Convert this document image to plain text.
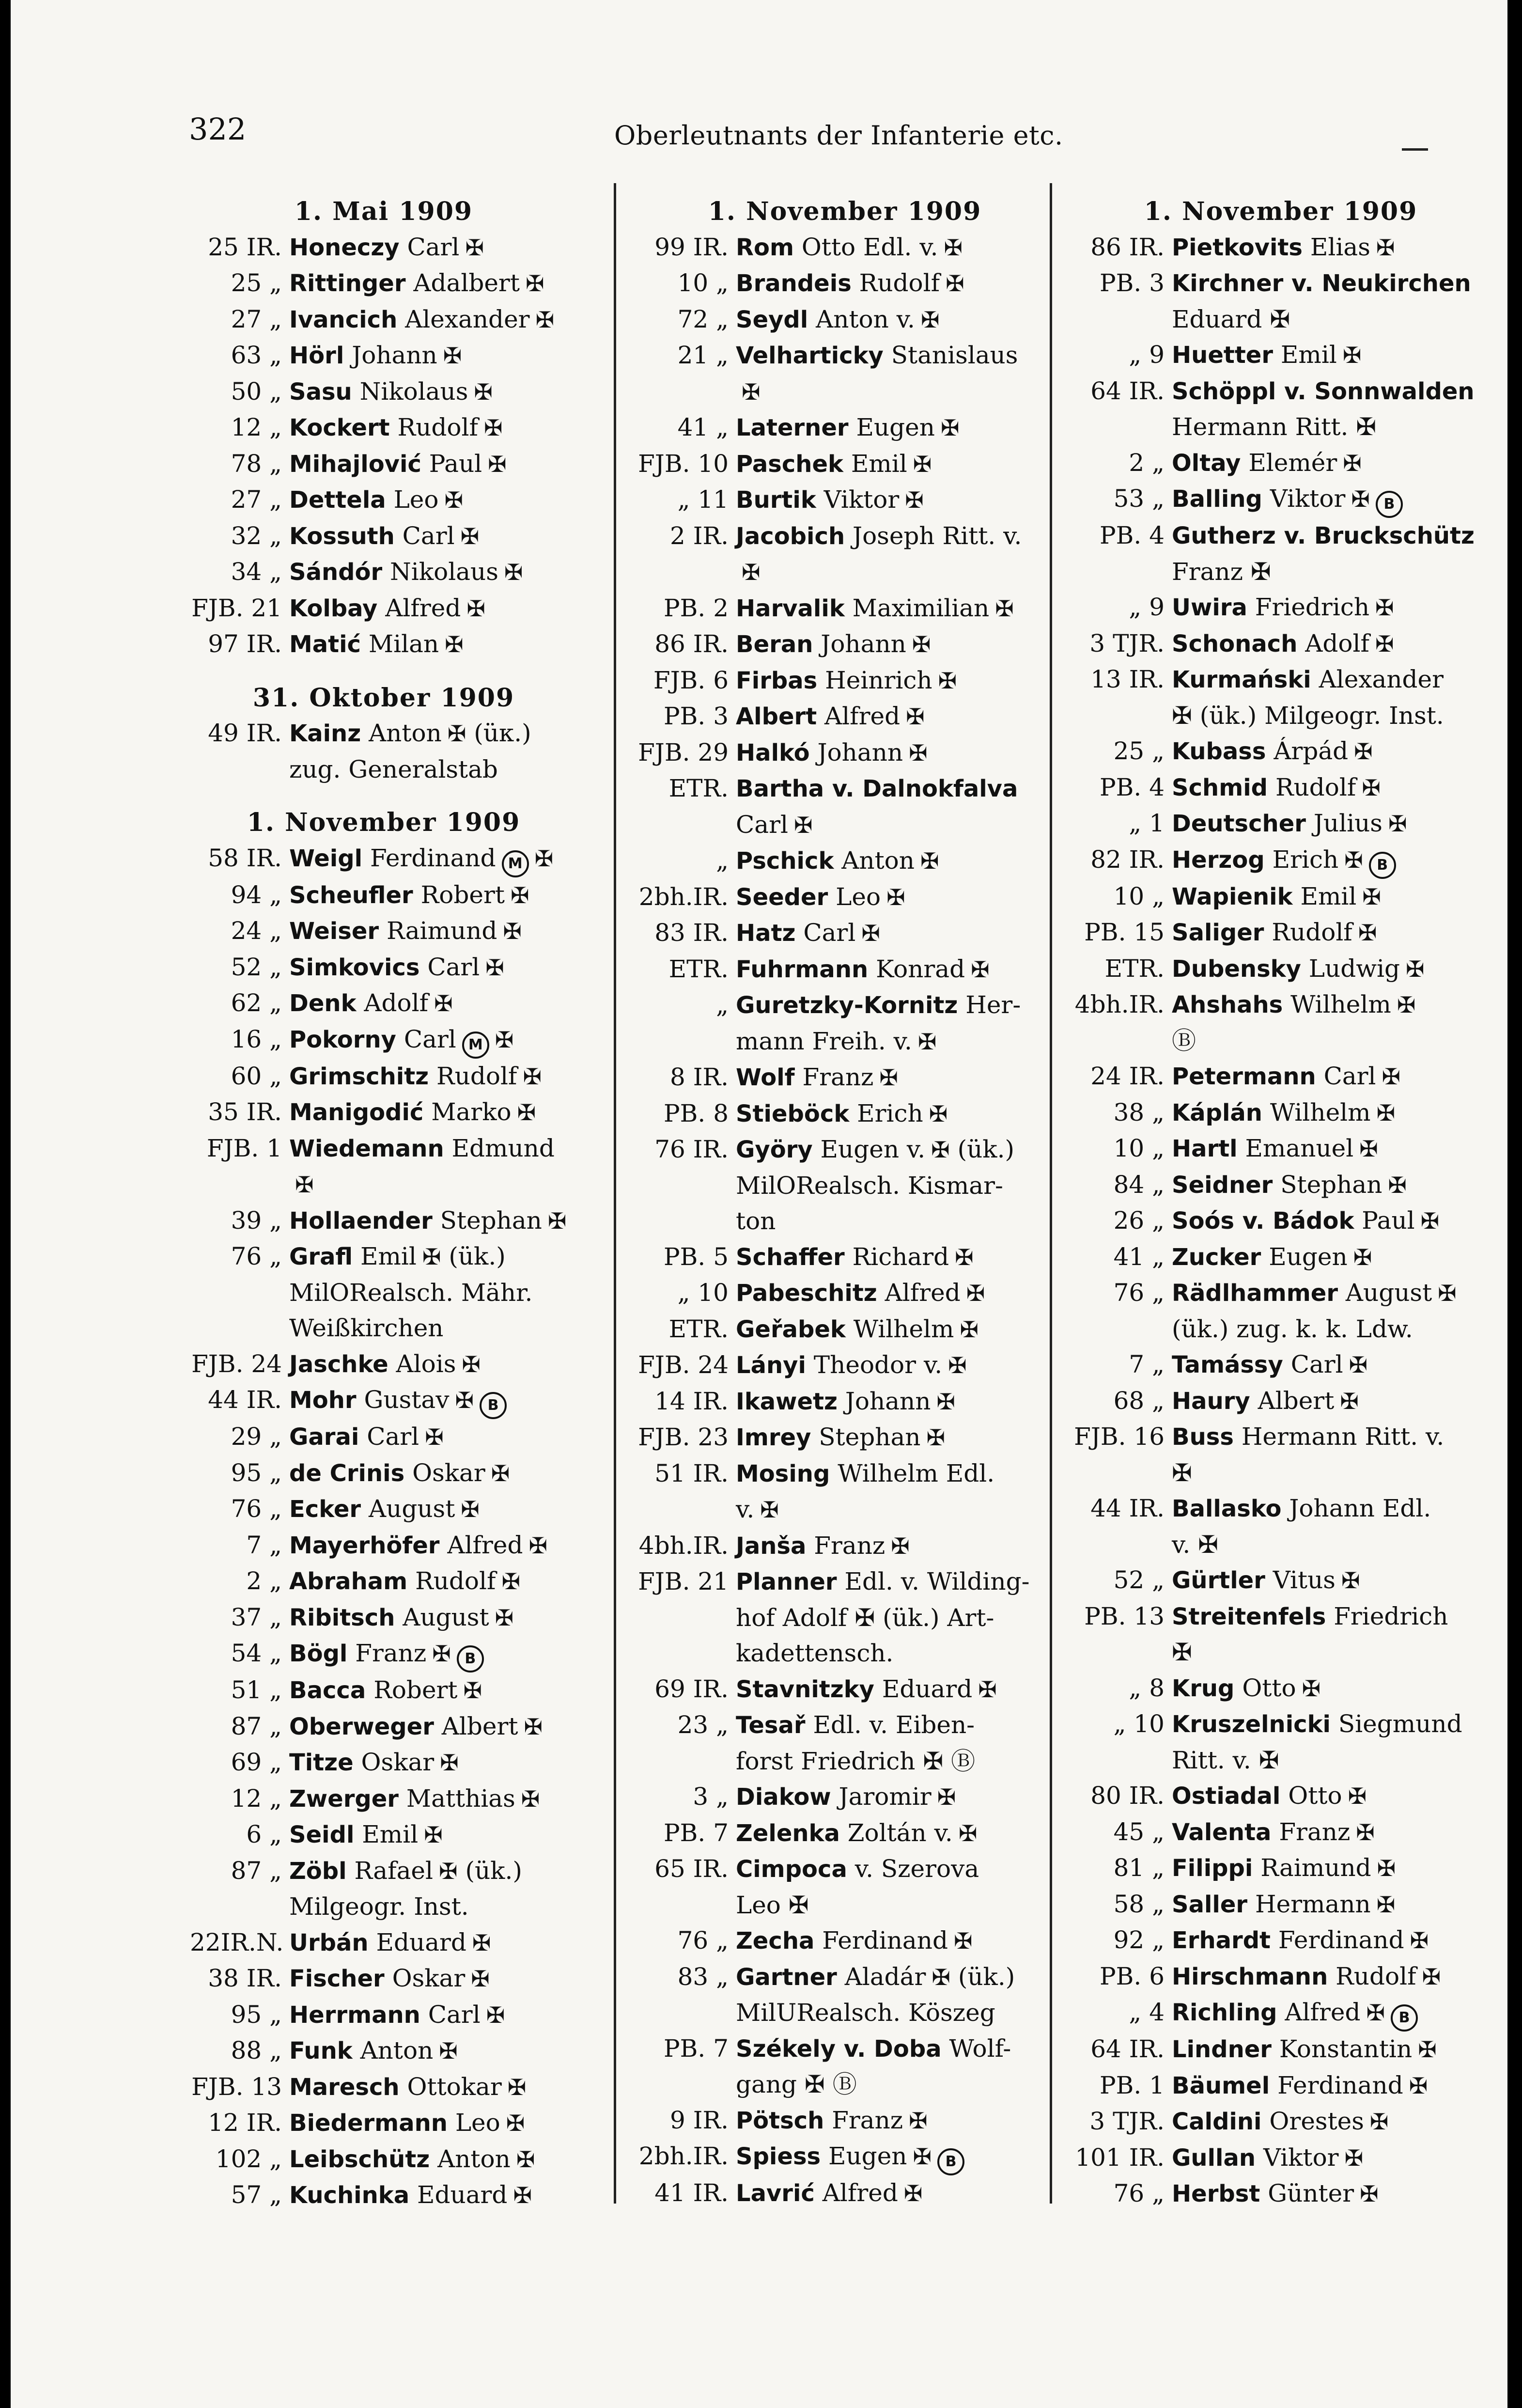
322	Oberleutnants der Infanterie etc.
1. Mai 1909
25 IR. Honeczy Carl ✠
25 „ Rittinger Adalbert ✠
27 „ Ivancich Alexander ✠
63 „ Hörl Johann ✠
50 „ Sasu Nikolaus ✠
12 „ Kockert Rudolf ✠
78 „ Mihajlović Paul ✠
27 „ Dettela Leo ✠
32 „ Kossuth Carl ✠
34 „ Sándór Nikolaus ✠
FJB. 21 Kolbay Alfred ✠
97 IR. Matić Milan ✠
31. Oktober 1909
49 IR. Kainz Anton ✠ (üк.)
zug. Generalstab
1. November 1909
58 IR. Weigl Ferdinand M ✠
94 „ Scheufler Robert ✠
24 „ Weiser Raimund ✠
52 „ Simkovics Carl ✠
62 „ Denk Adolf ✠
16 „ Pokorny Carl M ✠
60 „ Grimschitz Rudolf ✠
35 IR. Manigodić Marko ✠
FJB. 1 Wiedemann Edmund✠
39 „ Hollaender Stephan ✠
76 „ Grafl Emil ✠ (ük.)
MilORealsch. Mähr.
Weißkirchen
FJB. 24 Jaschke Alois ✠
44 IR. Mohr Gustav ✠ B
29 „ Garai Carl ✠
95 „ de Crinis Oskar ✠
76 „ Ecker August ✠
7 „ Mayerhöfer Alfred ✠
2 „ Abraham Rudolf ✠
37 „ Ribitsch August ✠
54 „ Bögl Franz ✠ B
51 „ Bacca Robert ✠
87 „ Oberweger Albert ✠
69 „ Titze Oskar ✠
12 „ Zwerger Matthias ✠
6 „ Seidl Emil ✠
87 „ Zöbl Rafael ✠ (ük.)
Milgeogr. Inst.
22IR.N. Urbán Eduard ✠
38 IR. Fischer Oskar ✠
95 „ Herrmann Carl ✠
88 „ Funk Anton ✠
FJB. 13 Maresch Ottokar ✠
12 IR. Biedermann Leo ✠
102 „ Leibschütz Anton ✠
57 „ Kuchinka Eduard ✠
1. November 1909
99 IR. Rom Otto Edl. v. ✠
10 „ Brandeis Rudolf ✠
72 „ Seydl Anton v. ✠
21 „ Velharticky Stanislaus
✠
41 „ Laterner Eugen ✠
FJB. 10 Paschek Emil ✠
„ 11 Burtik Viktor ✠
2 IR. Jacobich Joseph Ritt. v.
✠
PB. 2 Harvalik Maximilian ✠
86 IR. Beran Johann ✠
FJB. 6 Firbas Heinrich ✠
PB. 3 Albert Alfred ✠
FJB. 29 Halkó Johann ✠
ETR. Bartha v. Dalnokfalva
Carl ✠
„ Pschick Anton ✠
2bh.IR. Seeder Leo ✠
83 IR. Hatz Carl ✠
ETR. Fuhrmann Konrad ✠
„ Guretzky-Kornitz Her-
mann Freih. v. ✠
8 IR. Wolf Franz ✠
PB. 8 Stieböck Erich ✠
76 IR. Györy Eugen v. ✠ (ük.)
MilORealsch. Kismar-
ton
PB. 5 Schaffer Richard ✠
„ 10 Pabeschitz Alfred ✠
ETR. Geřabek Wilhelm ✠
FJB. 24 Lányi Theodor v. ✠
14 IR. Ikawetz Johann ✠
FJB. 23 Imrey Stephan ✠
51 IR. Mosing Wilhelm Edl.
v. ✠
4bh.IR. Janša Franz ✠
FJB. 21 Planner Edl. v. Wilding-
hof Adolf ✠ (ük.) Art-
kadettensch.
69 IR. Stavnitzky Eduard ✠
23 „ Tesař Edl. v. Eiben-
forst Friedrich ✠ Ⓑ
3 „ Diakow Jaromir ✠
PB. 7 Zelenka Zoltán v. ✠
65 IR. Cimpoca v. Szerova
Leo ✠
76 „ Zecha Ferdinand ✠
83 „ Gartner Aladár ✠ (ük.)
MilURealsch. Köszeg
PB. 7 Székely v. Doba Wolf-
gang ✠ Ⓑ
9 IR. Pötsch Franz ✠
2bh.IR. Spiess Eugen ✠ B
41 IR. Lavrić Alfred ✠
1. November 1909
86 IR. Pietkovits Elias ✠
PB. 3 Kirchner v. Neukirchen
Eduard ✠
„ 9 Huetter Emil ✠
64 IR. Schöppl v. Sonnwalden
Hermann Ritt. ✠
2 „ Oltay Elemér ✠
53 „ Balling Viktor ✠ B
PB. 4 Gutherz v. Bruckschütz
Franz ✠
„ 9 Uwira Friedrich ✠
3 TJR. Schonach Adolf ✠
13 IR. Kurmański Alexander
✠ (ük.) Milgeogr. Inst.
25 „ Kubass Árpád ✠
PB. 4 Schmid Rudolf ✠
„ 1 Deutscher Julius ✠
82 IR. Herzog Erich ✠ B
10 „ Wapienik Emil ✠
PB. 15 Saliger Rudolf ✠
ETR. Dubensky Ludwig ✠
4bh.IR. Ahshahs Wilhelm ✠
Ⓑ
24 IR. Petermann Carl ✠
38 „ Káplán Wilhelm ✠
10 „ Hartl Emanuel ✠
84 „ Seidner Stephan ✠
26 „ Soós v. Bádok Paul ✠
41 „ Zucker Eugen ✠
76 „ Rädlhammer August ✠
(ük.) zug. k. k. Ldw.
7 „ Tamássy Carl ✠
68 „ Haury Albert ✠
FJB. 16 Buss Hermann Ritt. v.
✠
44 IR. Ballasko Johann Edl.
v. ✠
52 „ Gürtler Vitus ✠
PB. 13 Streitenfels Friedrich
✠
„ 8 Krug Otto ✠
„ 10 Kruszelnicki Siegmund
Ritt. v. ✠
80 IR. Ostiadal Otto ✠
45 „ Valenta Franz ✠
81 „ Filippi Raimund ✠
58 „ Saller Hermann ✠
92 „ Erhardt Ferdinand ✠
PB. 6 Hirschmann Rudolf ✠
„ 4 Richling Alfred ✠ B
64 IR. Lindner Konstantin ✠
PB. 1 Bäumel Ferdinand ✠
3 TJR. Caldini Orestes ✠
101 IR. Gullan Viktor ✠
76 „ Herbst Günter ✠
